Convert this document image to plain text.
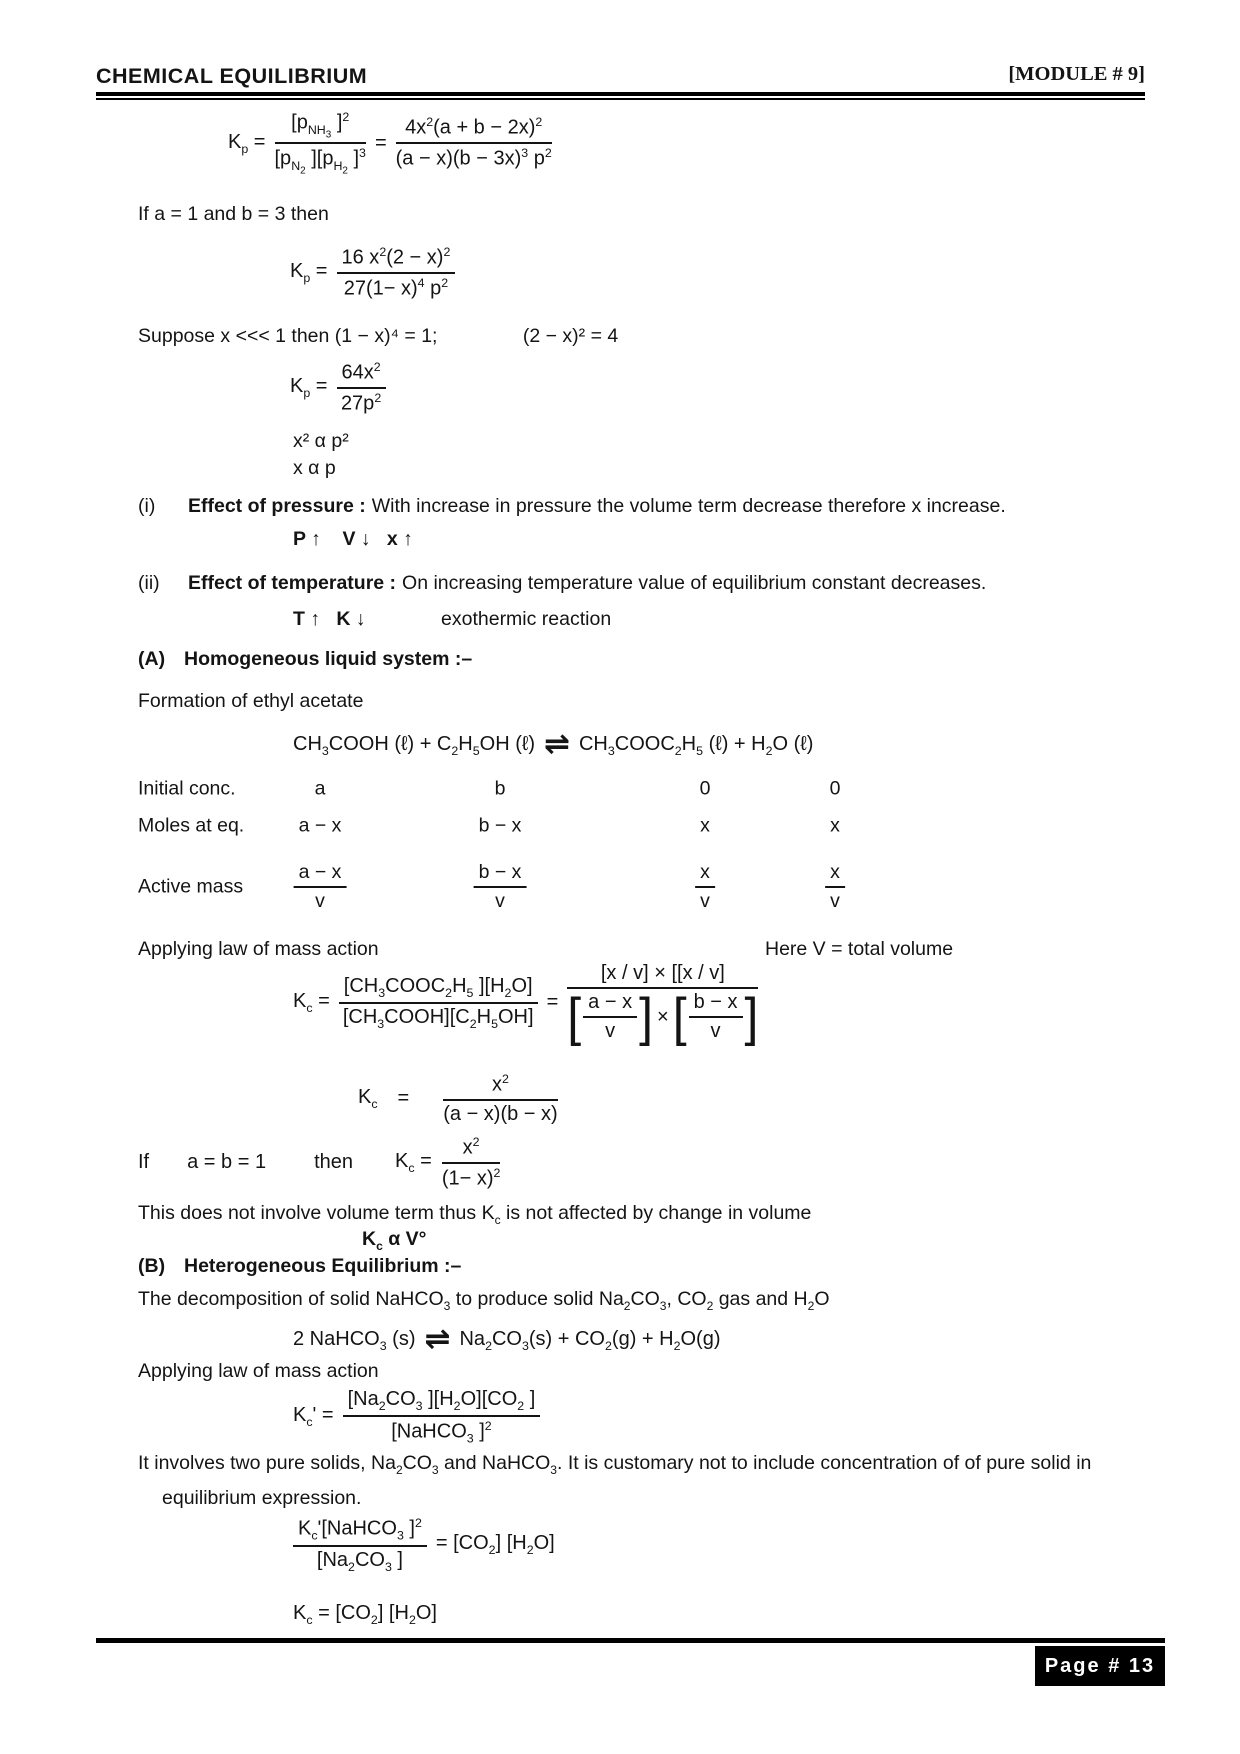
CHEMICAL EQUILIBRIUM	[MODULE # 9]
$K_p = \frac{[p_{NH_3} ]^2}{[p_{N_2} ][p_{H_2} ]^3} = \frac{4x^2(a + b - 2x)^2}{(a - x)(b - 3x)^3 p^2}$
If a = 1 and b = 3 then
$K_p = \frac{16 x^2(2 - x)^2}{27(1- x)^4 p^2}$
Suppose x <<< 1 then (1 − x)⁴ = 1;	(2 − x)² = 4
$K_p = \frac{64x^2}{27p^2}$
x² α p²
x α p
(i)	Effect of pressure : With increase in pressure the volume term decrease therefore x increase.
P ↑    V ↓   x ↑
(ii)	Effect of temperature : On increasing temperature value of equilibrium constant decreases.
T ↑   K ↓	exothermic reaction
(A) Homogeneous liquid system :–
Formation of ethyl acetate
$CH_3COOH$ (ℓ) + $C_2H_5OH$ (ℓ) ⇌ $CH_3COOC_2H_5$ (ℓ) + $H_2O$ (ℓ)
Initial conc.	a	b	0	0
Moles at eq.	a − x	b − x	x	x
Active mass	$\frac{a - x}{v}$	$\frac{b - x}{v}$	$\frac{x}{v}$	$\frac{x}{v}$
Applying law of mass action	Here V = total volume
$K_c = \frac{[CH_3COOC_2H_5 ][H_2O]}{[CH_3COOH][C_2H_5OH]}$ =
[x / v] × [[x / v]
[ $\frac{a - x}{v}$ ] × [ $\frac{b - x}{v}$ ]
$K_c = \frac{x^2}{(a - x)(b - x)}$
If a = b = 1 then $K_c = \frac{x^2}{(1- x)^2}$
This does not involve volume term thus $K_c$ is not affected by change in volume
$K_c$ α V°
(B) Heterogeneous Equilibrium :–
The decomposition of solid NaHCO$_3$ to produce solid $Na_2CO_3$, $CO_2$ gas and $H_2O$
2 NaHCO$_3$ (s) ⇌ $Na_2CO_3(s) + CO_2(g) + H_2O(g)$
Applying law of mass action
$K_c' = \frac{[Na_2CO_3 ][H_2O][CO_2 ]}{[NaHCO_3 ]^2}$
It involves two pure solids, $Na_2CO_3$ and NaHCO$_3$. It is customary not to include concentration of of pure solid in
equilibrium expression.
$\frac{K_c'[NaHCO_3 ]^2}{[Na_2CO_3 ]} = [CO_2]$ $[H_2O]$
$K_c = [CO_2]$ $[H_2O]$
Page # 13
